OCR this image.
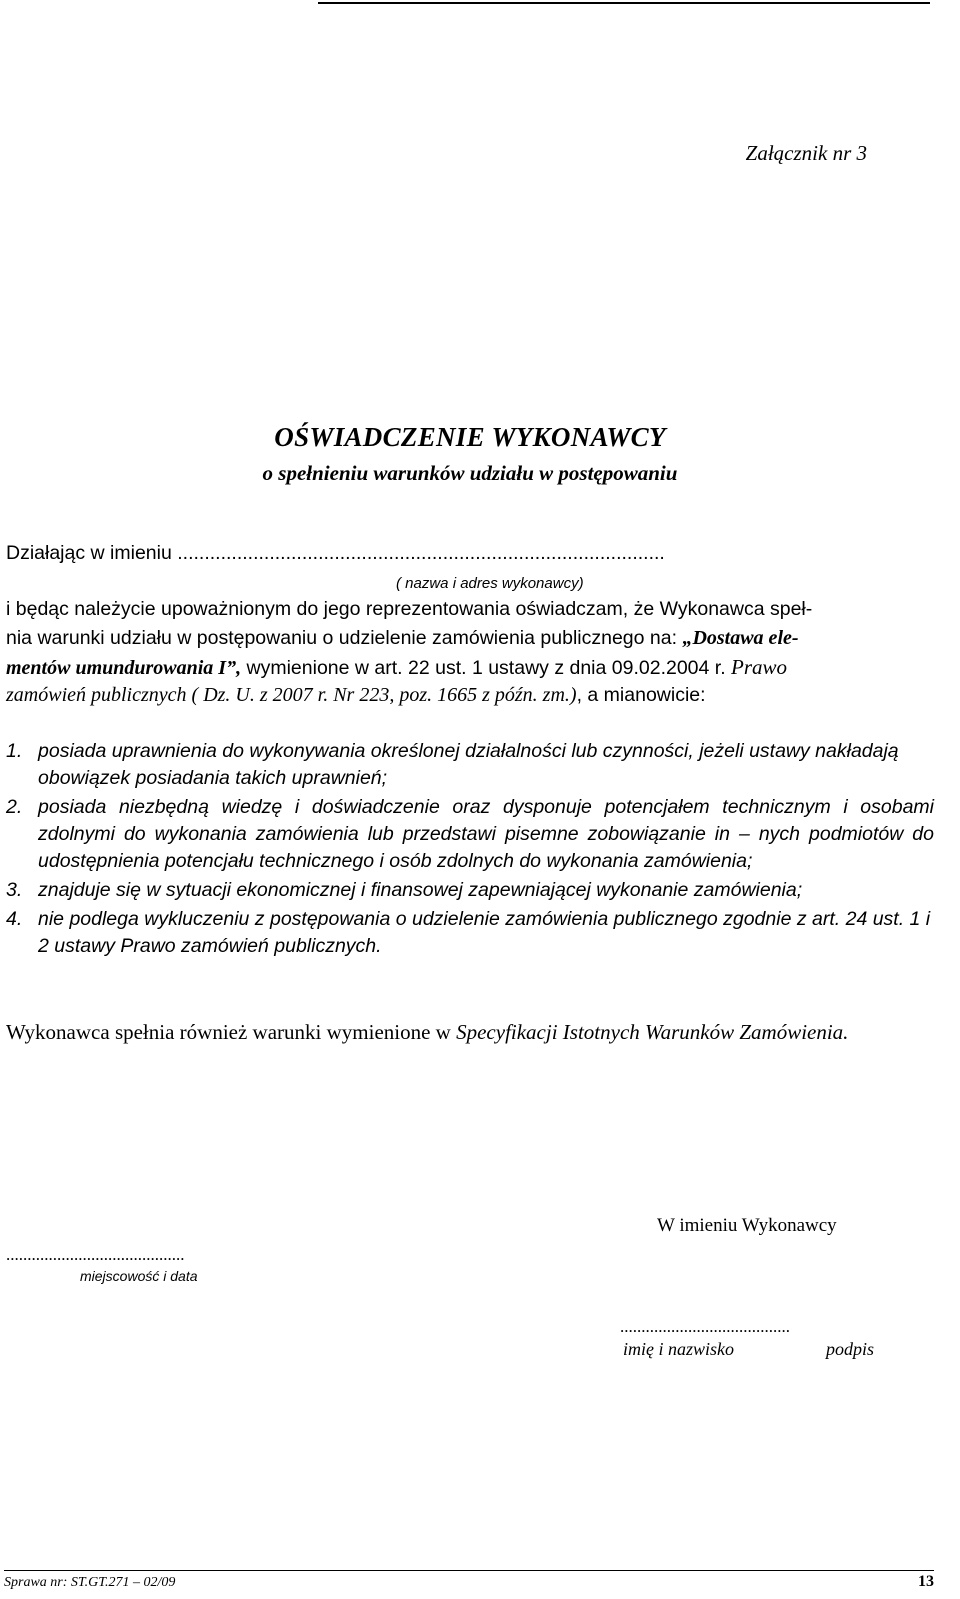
Załącznik nr 3
OŚWIADCZENIE WYKONAWCY
o spełnieniu warunków udziału w postępowaniu
Działając w imieniu ..........................................................................................
( nazwa i adres wykonawcy)
i będąc należycie upoważnionym do jego reprezentowania oświadczam, że Wykonawca speł-
nia warunki udziału w postępowaniu o udzielenie zamówienia publicznego na: „Dostawa ele-
mentów umundurowania I”, wymienione w art. 22 ust. 1 ustawy z dnia 09.02.2004 r. Prawo
zamówień publicznych ( Dz. U. z 2007 r. Nr 223, poz. 1665 z późn. zm.), a mianowicie:
1. posiada uprawnienia do wykonywania określonej działalności lub czynności, jeżeli ustawy nakładają obowiązek posiadania takich uprawnień;
2. posiada niezbędną wiedzę i doświadczenie oraz dysponuje potencjałem technicznym i osobami zdolnymi do wykonania zamówienia lub przedstawi pisemne zobowiązanie in – nych podmiotów do udostępnienia potencjału technicznego i osób zdolnych do wykonania zamówienia;
3. znajduje się w sytuacji ekonomicznej i finansowej zapewniającej wykonanie zamówienia;
4. nie podlega wykluczeniu z postępowania o udzielenie zamówienia publicznego zgodnie z art. 24 ust. 1 i 2 ustawy Prawo zamówień publicznych.
Wykonawca spełnia również warunki wymienione w Specyfikacji Istotnych Warunków Zamówienia.
W imieniu Wykonawcy
..........................................
miejscowość i data
........................................
imię i nazwisko	podpis
Sprawa nr: ST.GT.271 – 02/09	13
